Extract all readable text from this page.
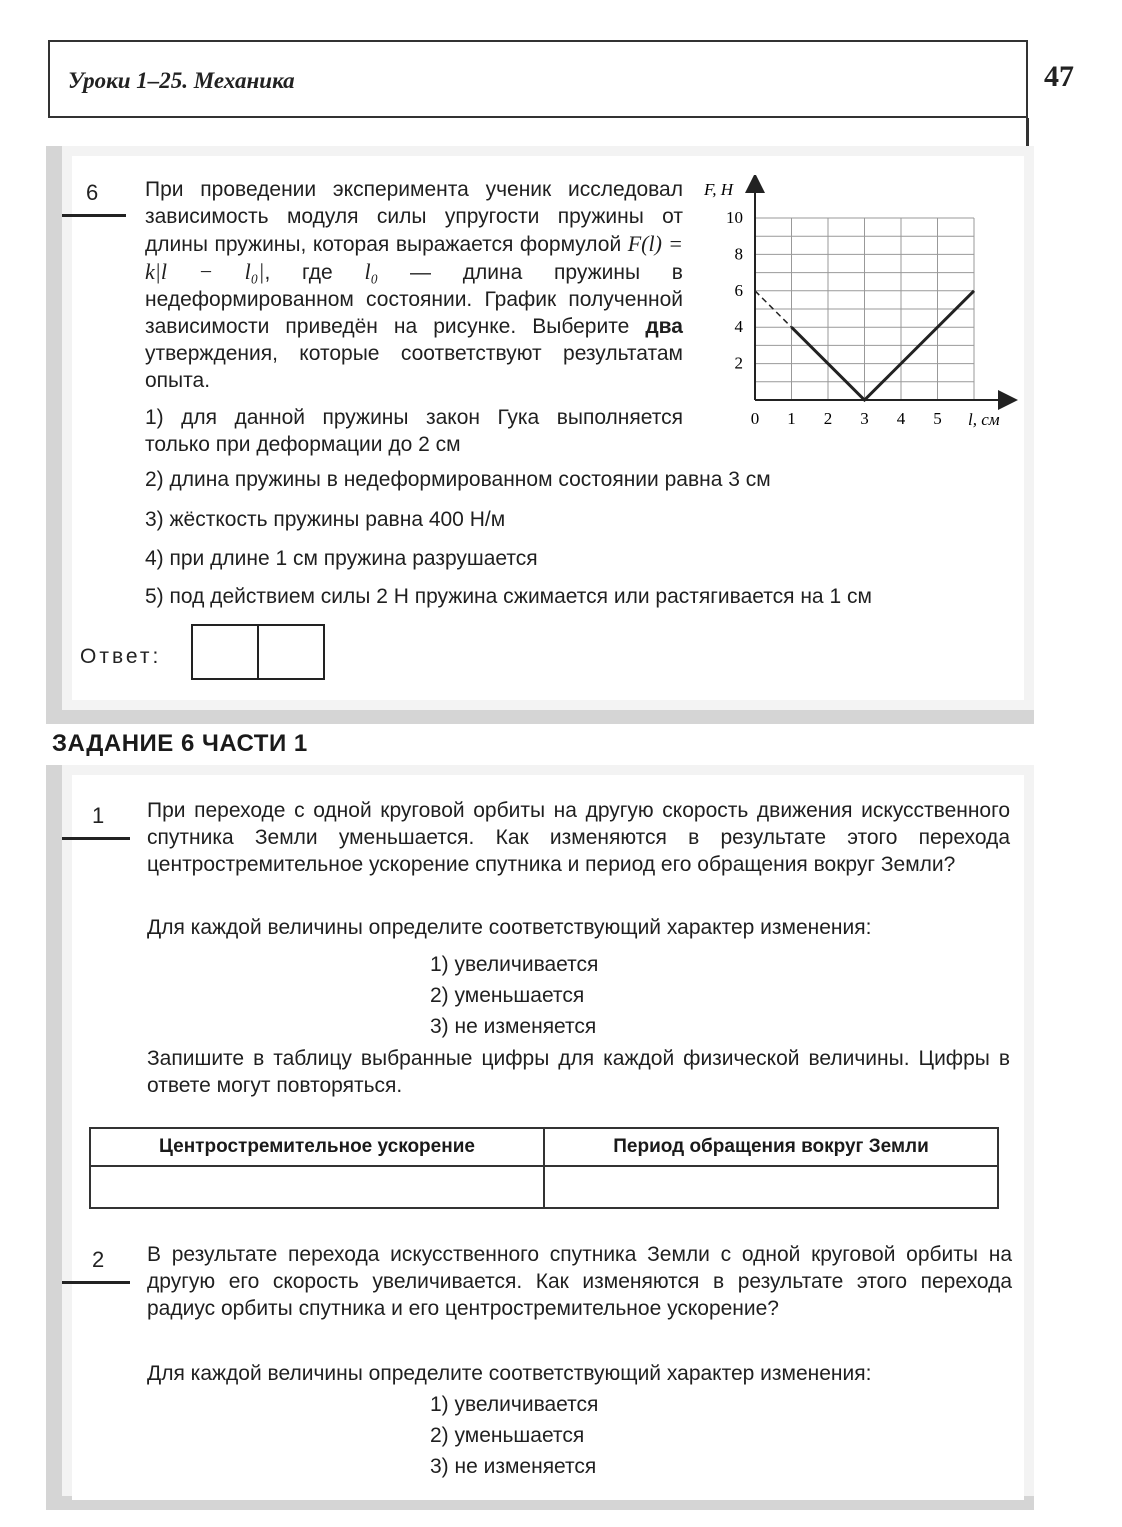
Уроки 1–25. Механика	47
6 При проведении эксперимента ученик исследовал зависимость модуля силы упругости пружины от длины пружины, которая выражается формулой F(l) = k|l − l₀|, где l₀ — длина пружины в недеформированном состоянии. График полученной зависимости приведён на рисунке. Выберите два утверждения, которые соответствуют результатам опыта.
1) для данной пружины закон Гука выполняется только при деформации до 2 см
2) длина пружины в недеформированном состоянии равна 3 см
3) жёсткость пружины равна 400 Н/м
4) при длине 1 см пружина разрушается
5) под действием силы 2 Н пружина сжимается или растягивается на 1 см
Ответ:
F, Н
l, см
0 1 2 3 4 5
2
4
6
8
10
ЗАДАНИЕ 6 ЧАСТИ 1
1 При переходе с одной круговой орбиты на другую скорость движения искусственного спутника Земли уменьшается. Как изменяются в результате этого перехода центростремительное ускорение спутника и период его обращения вокруг Земли?
Для каждой величины определите соответствующий характер изменения:
1) увеличивается
2) уменьшается
3) не изменяется
Запишите в таблицу выбранные цифры для каждой физической величины. Цифры в ответе могут повторяться.
Центростремительное ускорение	Период обращения вокруг Земли

2 В результате перехода искусственного спутника Земли с одной круговой орбиты на другую его скорость увеличивается. Как изменяются в результате этого перехода радиус орбиты спутника и его центростремительное ускорение?
Для каждой величины определите соответствующий характер изменения:
1) увеличивается
2) уменьшается
3) не изменяется
